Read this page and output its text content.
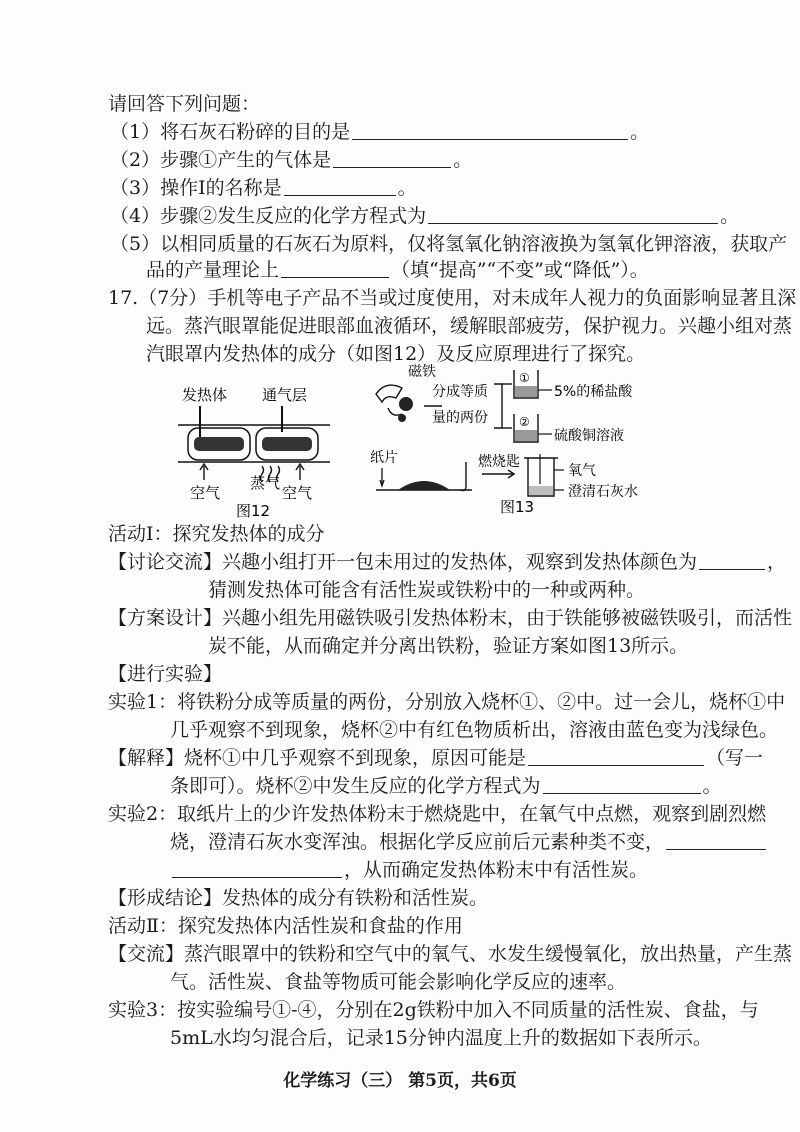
请回答下列问题：
（1）将石灰石粉碎的目的是	。
（2）步骤①产生的气体是	。
（3）操作Ⅰ的名称是	。
（4）步骤②发生反应的化学方程式为	。
（5）以相同质量的石灰石为原料，仅将氢氧化钠溶液换为氢氧化钾溶液，获取产
品的产量理论上	（填“提高”“不变”或“降低”）。
17.（7分）手机等电子产品不当或过度使用，对未成年人视力的负面影响显著且深
远。蒸汽眼罩能促进眼部血液循环，缓解眼部疲劳，保护视力。兴趣小组对蒸
汽眼罩内发热体的成分（如图12）及反应原理进行了探究。
发热体 通气层
空气
蒸气
空气
图12
磁铁
分成等质
量的两份
①
5%的稀盐酸
②
硫酸铜溶液
纸片	燃烧匙
氧气
澄清石灰水
图13
活动Ⅰ：探究发热体的成分
【讨论交流】兴趣小组打开一包未用过的发热体，观察到发热体颜色为	，
猜测发热体可能含有活性炭或铁粉中的一种或两种。
【方案设计】兴趣小组先用磁铁吸引发热体粉末，由于铁能够被磁铁吸引，而活性
炭不能，从而确定并分离出铁粉，验证方案如图13所示。
【进行实验】
实验1：将铁粉分成等质量的两份，分别放入烧杯①、②中。过一会儿，烧杯①中
几乎观察不到现象，烧杯②中有红色物质析出，溶液由蓝色变为浅绿色。
【解释】烧杯①中几乎观察不到现象，原因可能是	（写一
条即可）。烧杯②中发生反应的化学方程式为	。
实验2：取纸片上的少许发热体粉末于燃烧匙中，在氧气中点燃，观察到剧烈燃
烧，澄清石灰水变浑浊。根据化学反应前后元素种类不变，
，从而确定发热体粉末中有活性炭。
【形成结论】发热体的成分有铁粉和活性炭。
活动Ⅱ：探究发热体内活性炭和食盐的作用
【交流】蒸汽眼罩中的铁粉和空气中的氧气、水发生缓慢氧化，放出热量，产生蒸
气。活性炭、食盐等物质可能会影响化学反应的速率。
实验3：按实验编号①-④，分别在2g铁粉中加入不同质量的活性炭、食盐，与
5mL水均匀混合后，记录15分钟内温度上升的数据如下表所示。
化学练习（三） 第5页，共6页
